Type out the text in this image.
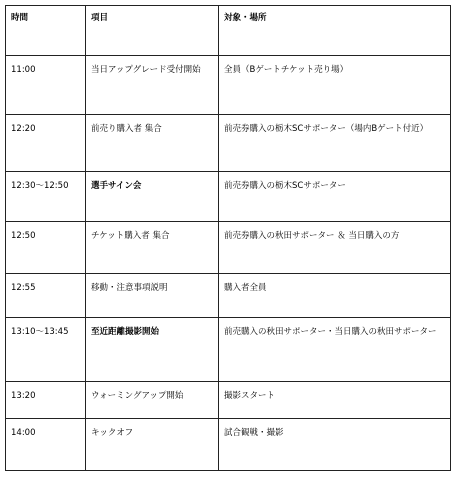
時間	項目	対象・場所
11:00	当日アップグレード受付開始	全員（Bゲートチケット売り場）
12:20	前売り購入者 集合	前売券購入の栃木SCサポーター（場内Bゲート付近）
12:30〜12:50	選手サイン会	前売券購入の栃木SCサポーター
12:50	チケット購入者 集合	前売券購入の秋田サポーター ＆ 当日購入の方
12:55	移動・注意事項説明	購入者全員
13:10〜13:45	至近距離撮影開始	前売購入の秋田サポーター・当日購入の秋田サポーター
13:20	ウォーミングアップ開始	撮影スタート
14:00	キックオフ	試合観戦・撮影
